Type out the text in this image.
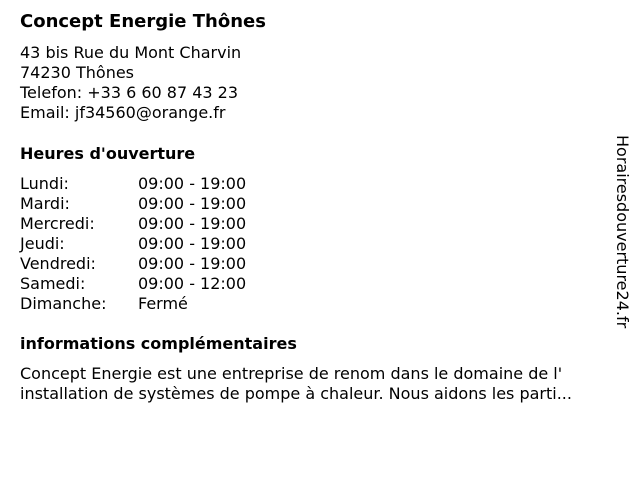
Concept Energie Thônes
43 bis Rue du Mont Charvin
74230 Thônes
Telefon: +33 6 60 87 43 23
Email: jf34560@orange.fr
Heures d'ouverture
Lundi:	09:00 - 19:00
Mardi:	09:00 - 19:00
Mercredi:	09:00 - 19:00
Jeudi:	09:00 - 19:00
Vendredi:	09:00 - 19:00
Samedi:	09:00 - 12:00
Dimanche:	Fermé
informations complémentaires
Concept Energie est une entreprise de renom dans le domaine de l'
installation de systèmes de pompe à chaleur. Nous aidons les parti...
Horairesdouverture24.fr
